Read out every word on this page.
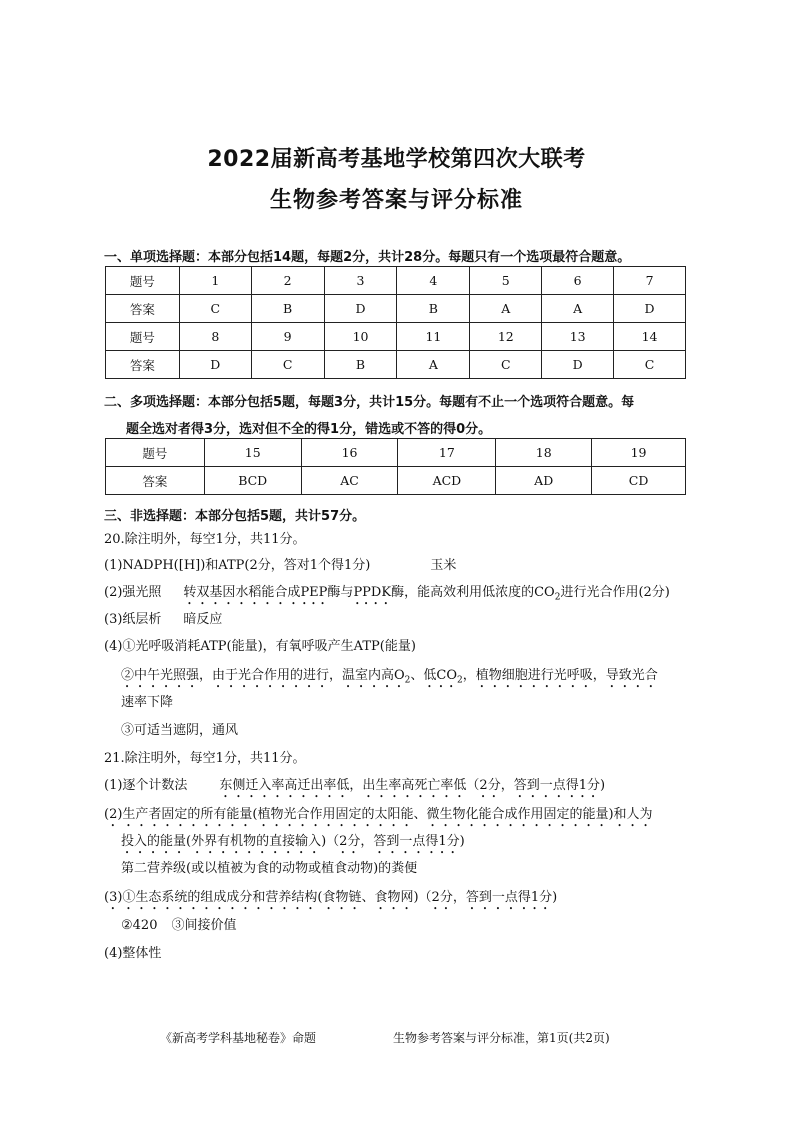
2022届新高考基地学校第四次大联考
生物参考答案与评分标准
一、单项选择题：本部分包括14题，每题2分，共计28分。每题只有一个选项最符合题意。
题号	1	2	3	4	5	6	7
答案	C	B	D	B	A	A	D
题号	8	9	10	11	12	13	14
答案	D	C	B	A	C	D	C
二、多项选择题：本部分包括5题，每题3分，共计15分。每题有不止一个选项符合题意。每
题全选对者得3分，选对但不全的得1分，错选或不答的得0分。
题号	15	16	17	18	19
答案	BCD	AC	ACD	AD	CD
三、非选择题：本部分包括5题，共计57分。
20.除注明外，每空1分，共11分。
(1)NADPH([H])和ATP(2分，答对1个得1分)	玉米
(2)强光照 转双基因水稻能合成PEP酶与PPDK酶，能高效利用低浓度的$CO_2$进行光合作用(2分)
(3)纸层析 暗反应
(4)①光呼吸消耗ATP(能量)，有氧呼吸产生ATP(能量)
②中午光照强，由于光合作用的进行，温室内高$O_2$、低$CO_2$，植物细胞进行光呼吸，导致光合
速率下降
③可适当遮阴，通风
21.除注明外，每空1分，共11分。
(1)逐个计数法 东侧迁入率高迁出率低，出生率高死亡率低（2分，答到一点得1分)
(2)生产者固定的所有能量(植物光合作用固定的太阳能、微生物化能合成作用固定的能量)和人为
投入的能量(外界有机物的直接输入)（2分，答到一点得1分)
第二营养级(或以植被为食的动物或植食动物)的粪便
(3)①生态系统的组成成分和营养结构(食物链、食物网)（2分，答到一点得1分)
②420 ③间接价值
(4)整体性
《新高考学科基地秘卷》命题	生物参考答案与评分标准，第1页(共2页)
